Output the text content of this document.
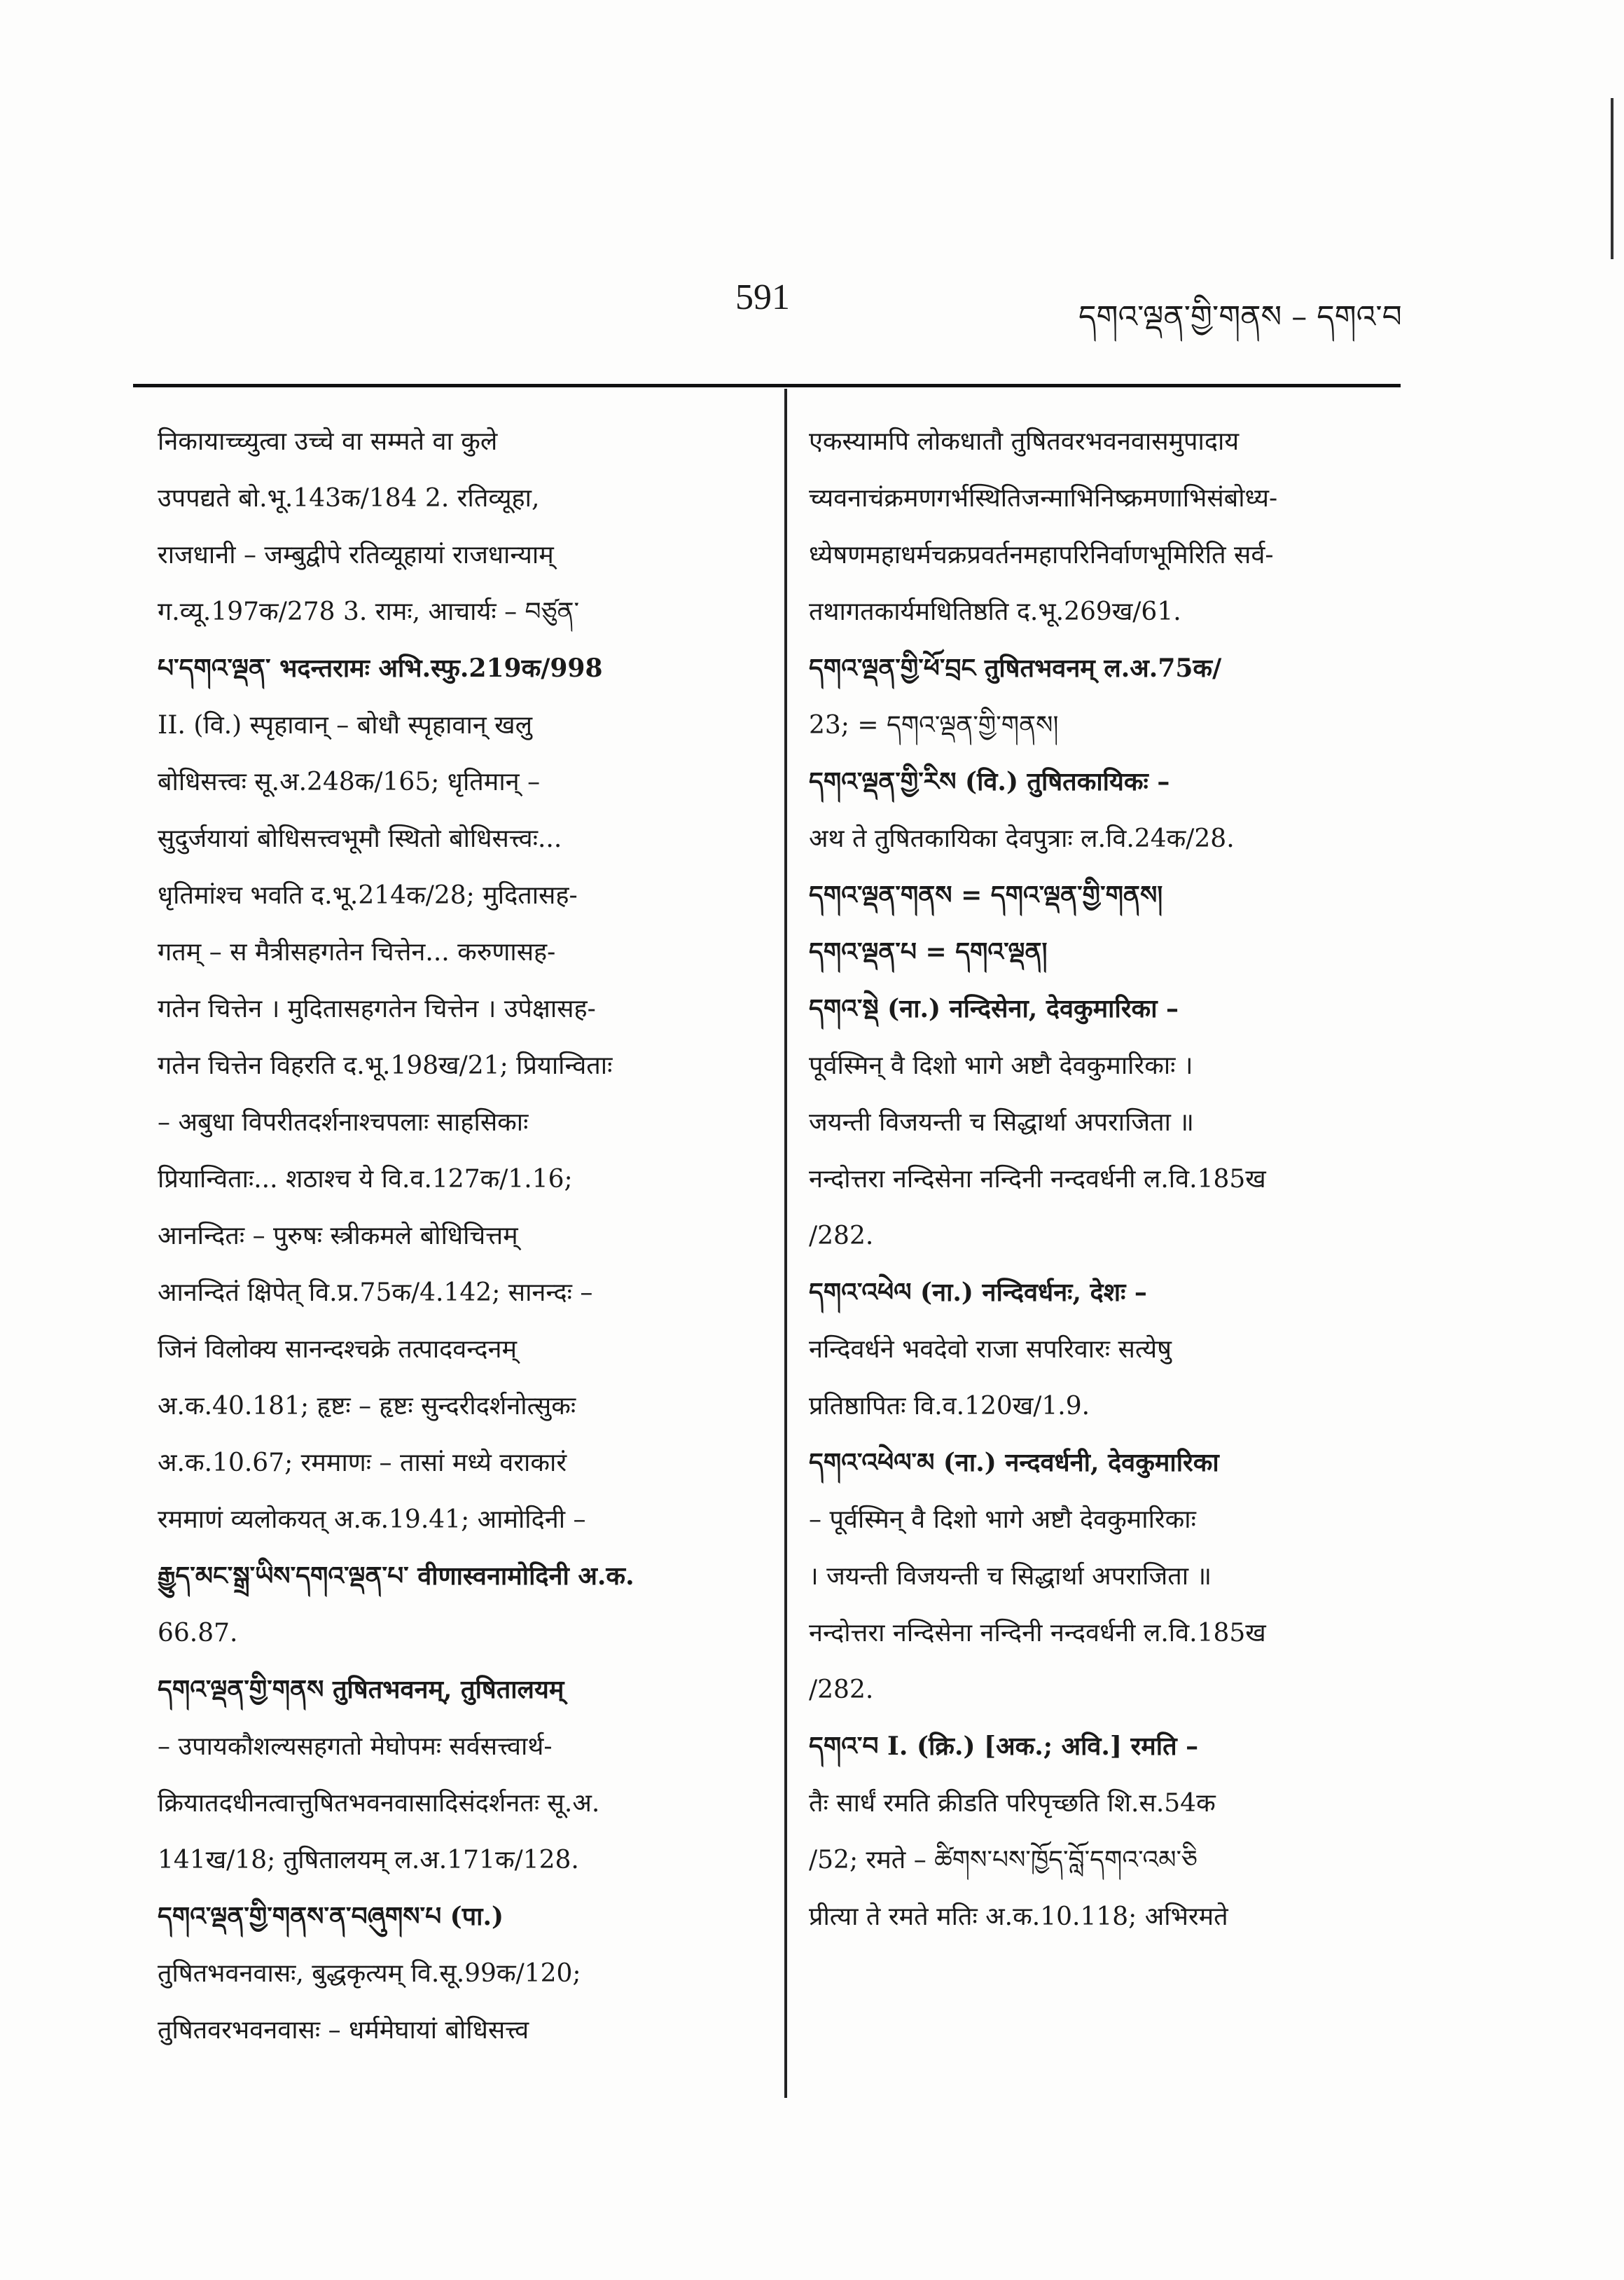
591	དགའ་ལྡན་གྱི་གནས – དགའ་བ
निकायाच्च्युत्वा उच्चे वा सम्मते वा कुले
उपपद्यते बो.भू.143क/184 2. रतिव्यूहा,
राजधानी – जम्बुद्वीपे रतिव्यूहायां राजधान्याम्
ग.व्यू.197क/278 3. रामः, आचार्यः – བཙུན་
པ་དགའ་ལྡན་ भदन्तरामः अभि.स्फु.219क/998
II. (वि.) स्पृहावान् – बोधौ स्पृहावान् खलु
बोधिसत्त्वः सू.अ.248क/165; धृतिमान् –
सुदुर्जयायां बोधिसत्त्वभूमौ स्थितो बोधिसत्त्वः...
धृतिमांश्च भवति द.भू.214क/28; मुदितासह-
गतम् – स मैत्रीसहगतेन चित्तेन... करुणासह-
गतेन चित्तेन । मुदितासहगतेन चित्तेन । उपेक्षासह-
गतेन चित्तेन विहरति द.भू.198ख/21; प्रियान्विताः
– अबुधा विपरीतदर्शनाश्चपलाः साहसिकाः
प्रियान्विताः... शठाश्च ये वि.व.127क/1.16;
आनन्दितः – पुरुषः स्त्रीकमले बोधिचित्तम्
आनन्दितं क्षिपेत् वि.प्र.75क/4.142; सानन्दः –
जिनं विलोक्य सानन्दश्चक्रे तत्पादवन्दनम्
अ.क.40.181; हृष्टः – हृष्टः सुन्दरीदर्शनोत्सुकः
अ.क.10.67; रममाणः – तासां मध्ये वराकारं
रममाणं व्यलोकयत् अ.क.19.41; आमोदिनी –
རྒྱུད་མང་སྒྲ་ཡིས་དགའ་ལྡན་པ་ वीणास्वनामोदिनी अ.क.
66.87.
དགའ་ལྡན་གྱི་གནས तुषितभवनम्, तुषितालयम्
– उपायकौशल्यसहगतो मेघोपमः सर्वसत्त्वार्थ-
क्रियातदधीनत्वात्तुषितभवनवासादिसंदर्शनतः सू.अ.
141ख/18; तुषितालयम् ल.अ.171क/128.
དགའ་ལྡན་གྱི་གནས་ན་བཞུགས་པ (पा.)
तुषितभवनवासः, बुद्धकृत्यम् वि.सू.99क/120;
तुषितवरभवनवासः – धर्ममेघायां बोधिसत्त्व
एकस्यामपि लोकधातौ तुषितवरभवनवासमुपादाय
च्यवनाचंक्रमणगर्भस्थितिजन्माभिनिष्क्रमणाभिसंबोध्य-
ध्येषणमहाधर्मचक्रप्रवर्तनमहापरिनिर्वाणभूमिरिति सर्व-
तथागतकार्यमधितिष्ठति द.भू.269ख/61.
དགའ་ལྡན་གྱི་ཕོ་བྲང तुषितभवनम् ल.अ.75क/
23; = དགའ་ལྡན་གྱི་གནས།
དགའ་ལྡན་གྱི་རིས (वि.) तुषितकायिकः –
अथ ते तुषितकायिका देवपुत्राः ल.वि.24क/28.
དགའ་ལྡན་གནས = དགའ་ལྡན་གྱི་གནས།
དགའ་ལྡན་པ = དགའ་ལྡན།
དགའ་སྡེ (ना.) नन्दिसेना, देवकुमारिका –
पूर्वस्मिन् वै दिशो भागे अष्टौ देवकुमारिकाः ।
जयन्ती विजयन्ती च सिद्धार्था अपराजिता ॥
नन्दोत्तरा नन्दिसेना नन्दिनी नन्दवर्धनी ल.वि.185ख
/282.
དགའ་འཕེལ (ना.) नन्दिवर्धनः, देशः –
नन्दिवर्धने भवदेवो राजा सपरिवारः सत्येषु
प्रतिष्ठापितः वि.व.120ख/1.9.
དགའ་འཕེལ་མ (ना.) नन्दवर्धनी, देवकुमारिका
– पूर्वस्मिन् वै दिशो भागे अष्टौ देवकुमारिकाः
। जयन्ती विजयन्ती च सिद्धार्था अपराजिता ॥
नन्दोत्तरा नन्दिसेना नन्दिनी नन्दवर्धनी ल.वि.185ख
/282.
དགའ་བ I. (क्रि.) [अक.; अवि.] रमति –
तैः सार्धं रमति क्रीडति परिपृच्छति शि.स.54क
/52; रमते – ཚིགས་པས་ཁྱོད་བློ་དགའ་འམ་ཅི
प्रीत्या ते रमते मतिः अ.क.10.118; अभिरमते
